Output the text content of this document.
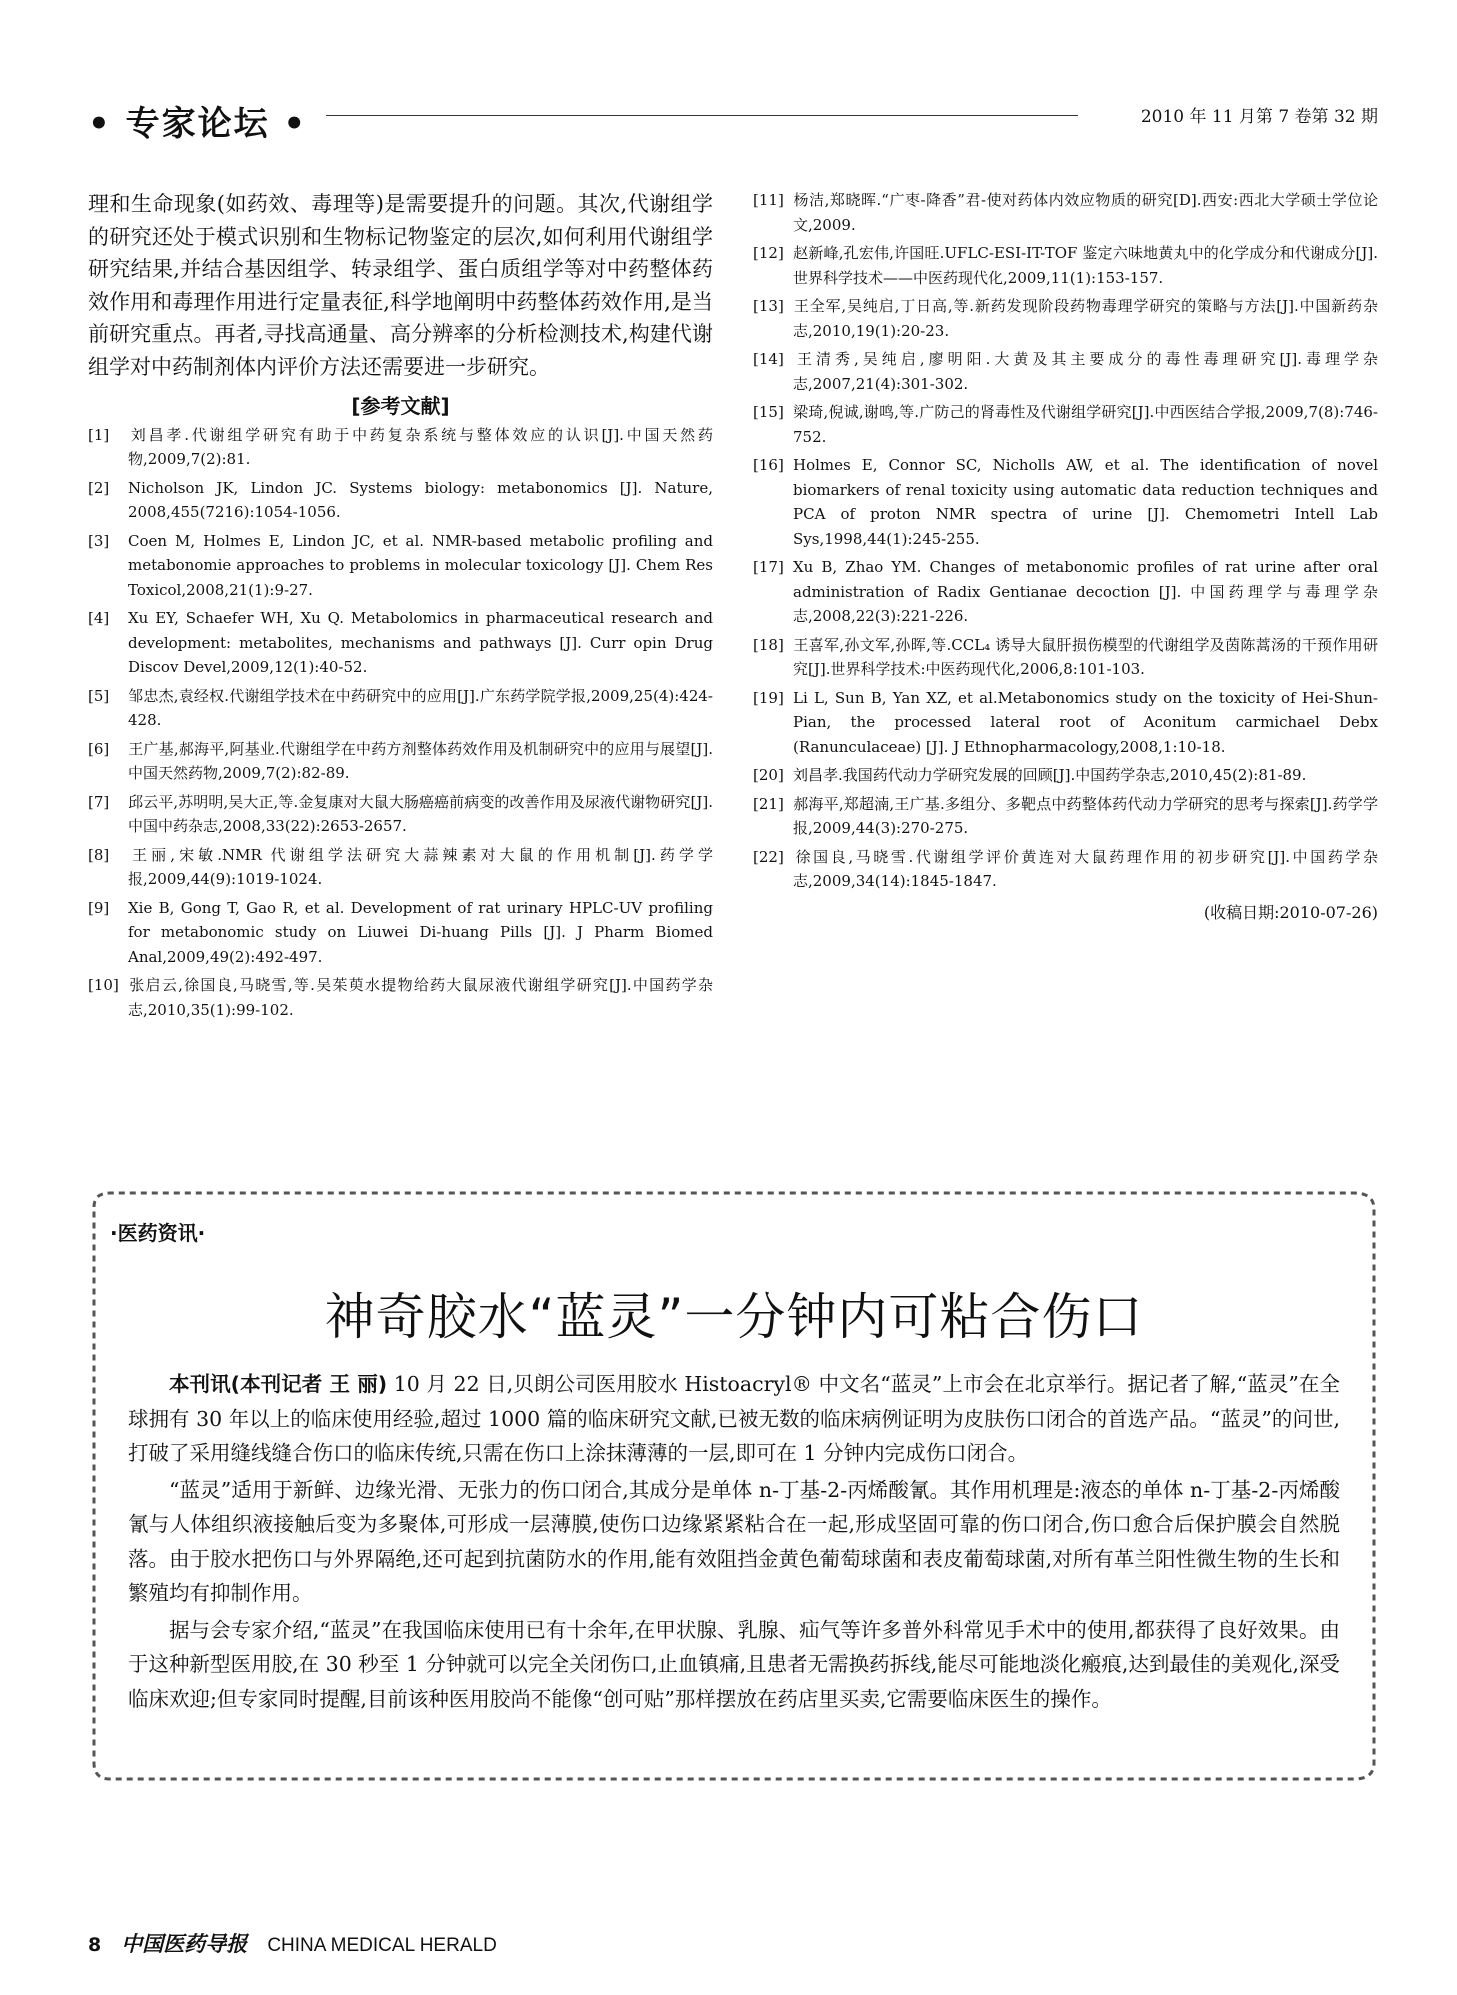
• 专家论坛 •	2010 年 11 月第 7 卷第 32 期

理和生命现象(如药效、毒理等)是需要提升的问题。其次,代谢组学的研究还处于模式识别和生物标记物鉴定的层次,如何利用代谢组学研究结果,并结合基因组学、转录组学、蛋白质组学等对中药整体药效作用和毒理作用进行定量表征,科学地阐明中药整体药效作用,是当前研究重点。再者,寻找高通量、高分辨率的分析检测技术,构建代谢组学对中药制剂体内评价方法还需要进一步研究。

[参考文献]

[1] 刘昌孝.代谢组学研究有助于中药复杂系统与整体效应的认识[J].中国天然药物,2009,7(2):81.

[2] Nicholson JK, Lindon JC. Systems biology: metabonomics [J]. Nature, 2008,455(7216):1054-1056.

[3] Coen M, Holmes E, Lindon JC, et al. NMR-based metabolic profiling and metabonomie approaches to problems in molecular toxicology [J]. Chem Res Toxicol,2008,21(1):9-27.

[4] Xu EY, Schaefer WH, Xu Q. Metabolomics in pharmaceutical research and development: metabolites, mechanisms and pathways [J]. Curr opin Drug Discov Devel,2009,12(1):40-52.

[5] 邹忠杰,袁经权.代谢组学技术在中药研究中的应用[J].广东药学院学报,2009,25(4):424-428.

[6] 王广基,郝海平,阿基业.代谢组学在中药方剂整体药效作用及机制研究中的应用与展望[J].中国天然药物,2009,7(2):82-89.

[7] 邱云平,苏明明,吴大正,等.金复康对大鼠大肠癌癌前病变的改善作用及尿液代谢物研究[J].中国中药杂志,2008,33(22):2653-2657.

[8] 王丽,宋敏.NMR 代谢组学法研究大蒜辣素对大鼠的作用机制[J].药学学报,2009,44(9):1019-1024.

[9] Xie B, Gong T, Gao R, et al. Development of rat urinary HPLC-UV profiling for metabonomic study on Liuwei Di-huang Pills [J]. J Pharm Biomed Anal,2009,49(2):492-497.

[10] 张启云,徐国良,马晓雪,等.吴茱萸水提物给药大鼠尿液代谢组学研究[J].中国药学杂志,2010,35(1):99-102.

[11] 杨洁,郑晓晖.“广枣-降香”君-使对药体内效应物质的研究[D].西安:西北大学硕士学位论文,2009.

[12] 赵新峰,孔宏伟,许国旺.UFLC-ESI-IT-TOF 鉴定六味地黄丸中的化学成分和代谢成分[J].世界科学技术——中医药现代化,2009,11(1):153-157.

[13] 王全军,吴纯启,丁日高,等.新药发现阶段药物毒理学研究的策略与方法[J].中国新药杂志,2010,19(1):20-23.

[14] 王清秀,吴纯启,廖明阳.大黄及其主要成分的毒性毒理研究[J].毒理学杂志,2007,21(4):301-302.

[15] 梁琦,倪诚,谢鸣,等.广防己的肾毒性及代谢组学研究[J].中西医结合学报,2009,7(8):746-752.

[16] Holmes E, Connor SC, Nicholls AW, et al. The identification of novel biomarkers of renal toxicity using automatic data reduction techniques and PCA of proton NMR spectra of urine [J]. Chemometri Intell Lab Sys,1998,44(1):245-255.

[17] Xu B, Zhao YM. Changes of metabonomic profiles of rat urine after oral administration of Radix Gentianae decoction [J]. 中国药理学与毒理学杂志,2008,22(3):221-226.

[18] 王喜军,孙文军,孙晖,等.CCL₄ 诱导大鼠肝损伤模型的代谢组学及茵陈蒿汤的干预作用研究[J].世界科学技术:中医药现代化,2006,8:101-103.

[19] Li L, Sun B, Yan XZ, et al.Metabonomics study on the toxicity of Hei-Shun-Pian, the processed lateral root of Aconitum carmichael Debx (Ranunculaceae) [J]. J Ethnopharmacology,2008,1:10-18.

[20] 刘昌孝.我国药代动力学研究发展的回顾[J].中国药学杂志,2010,45(2):81-89.

[21] 郝海平,郑超湳,王广基.多组分、多靶点中药整体药代动力学研究的思考与探索[J].药学学报,2009,44(3):270-275.

[22] 徐国良,马晓雪.代谢组学评价黄连对大鼠药理作用的初步研究[J].中国药学杂志,2009,34(14):1845-1847.

(收稿日期:2010-07-26)
·医药资讯·
神奇胶水“蓝灵”一分钟内可粘合伤口

本刊讯(本刊记者 王 丽) 10 月 22 日,贝朗公司医用胶水 Histoacryl® 中文名“蓝灵”上市会在北京举行。据记者了解,“蓝灵”在全球拥有 30 年以上的临床使用经验,超过 1000 篇的临床研究文献,已被无数的临床病例证明为皮肤伤口闭合的首选产品。“蓝灵”的问世,打破了采用缝线缝合伤口的临床传统,只需在伤口上涂抹薄薄的一层,即可在 1 分钟内完成伤口闭合。

“蓝灵”适用于新鲜、边缘光滑、无张力的伤口闭合,其成分是单体 n-丁基-2-丙烯酸氰。其作用机理是:液态的单体 n-丁基-2-丙烯酸氰与人体组织液接触后变为多聚体,可形成一层薄膜,使伤口边缘紧紧粘合在一起,形成坚固可靠的伤口闭合,伤口愈合后保护膜会自然脱落。由于胶水把伤口与外界隔绝,还可起到抗菌防水的作用,能有效阻挡金黄色葡萄球菌和表皮葡萄球菌,对所有革兰阳性微生物的生长和繁殖均有抑制作用。

据与会专家介绍,“蓝灵”在我国临床使用已有十余年,在甲状腺、乳腺、疝气等许多普外科常见手术中的使用,都获得了良好效果。由于这种新型医用胶,在 30 秒至 1 分钟就可以完全关闭伤口,止血镇痛,且患者无需换药拆线,能尽可能地淡化瘢痕,达到最佳的美观化,深受临床欢迎;但专家同时提醒,目前该种医用胶尚不能像“创可贴”那样摆放在药店里买卖,它需要临床医生的操作。

8 中国医药导报 CHINA MEDICAL HERALD
